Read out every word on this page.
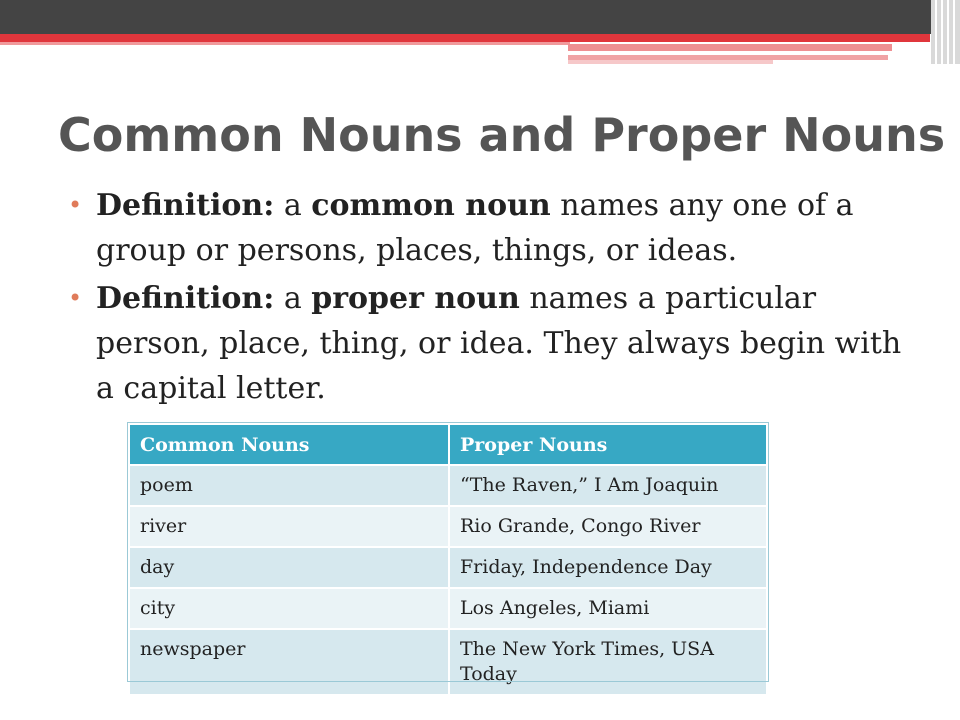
Common Nouns and Proper Nouns
• Definition: a common noun names any one of a group or persons, places, things, or ideas.
• Definition: a proper noun names a particular person, place, thing, or idea. They always begin with a capital letter.
Common Nouns	Proper Nouns
poem	“The Raven,” I Am Joaquin
river	Rio Grande, Congo River
day	Friday, Independence Day
city	Los Angeles, Miami
newspaper	The New York Times, USA Today
